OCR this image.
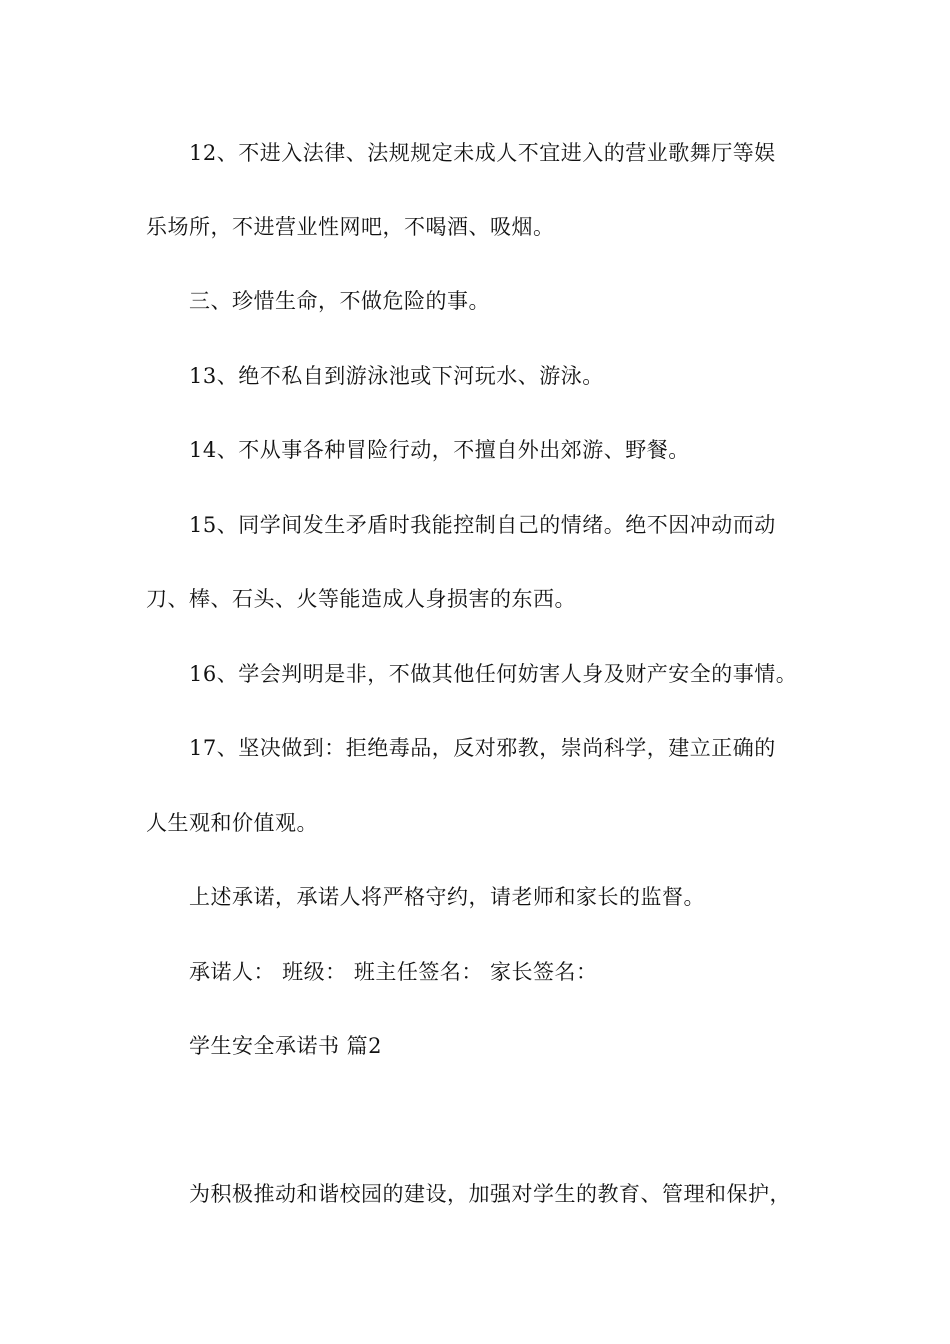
12、不进入法律、法规规定未成人不宜进入的营业歌舞厅等娱
乐场所，不进营业性网吧，不喝酒、吸烟。
三、珍惜生命，不做危险的事。
13、绝不私自到游泳池或下河玩水、游泳。
14、不从事各种冒险行动，不擅自外出郊游、野餐。
15、同学间发生矛盾时我能控制自己的情绪。绝不因冲动而动
刀、棒、石头、火等能造成人身损害的东西。
16、学会判明是非，不做其他任何妨害人身及财产安全的事情。
17、坚决做到：拒绝毒品，反对邪教，崇尚科学，建立正确的
人生观和价值观。
上述承诺，承诺人将严格守约，请老师和家长的监督。
承诺人： 班级： 班主任签名： 家长签名：
学生安全承诺书 篇2
为积极推动和谐校园的建设，加强对学生的教育、管理和保护，
